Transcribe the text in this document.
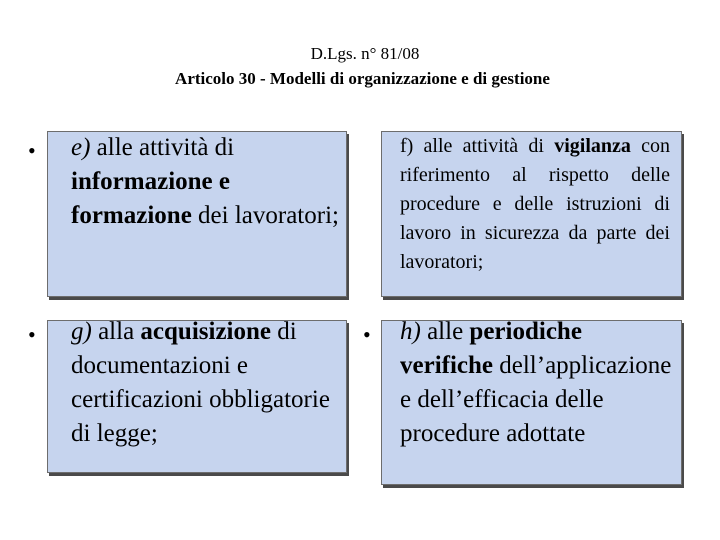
D.Lgs. n° 81/08
Articolo 30 - Modelli di organizzazione e di gestione
• e) alle attività di informazione e formazione dei lavoratori;
f) alle attività di vigilanza con riferimento al rispetto delle procedure e delle istruzioni di lavoro in sicurezza da parte dei lavoratori;
• g) alla acquisizione di documentazioni e certificazioni obbligatorie di legge;
• h) alle periodiche verifiche dell’applicazione e dell’efficacia delle procedure adottate
